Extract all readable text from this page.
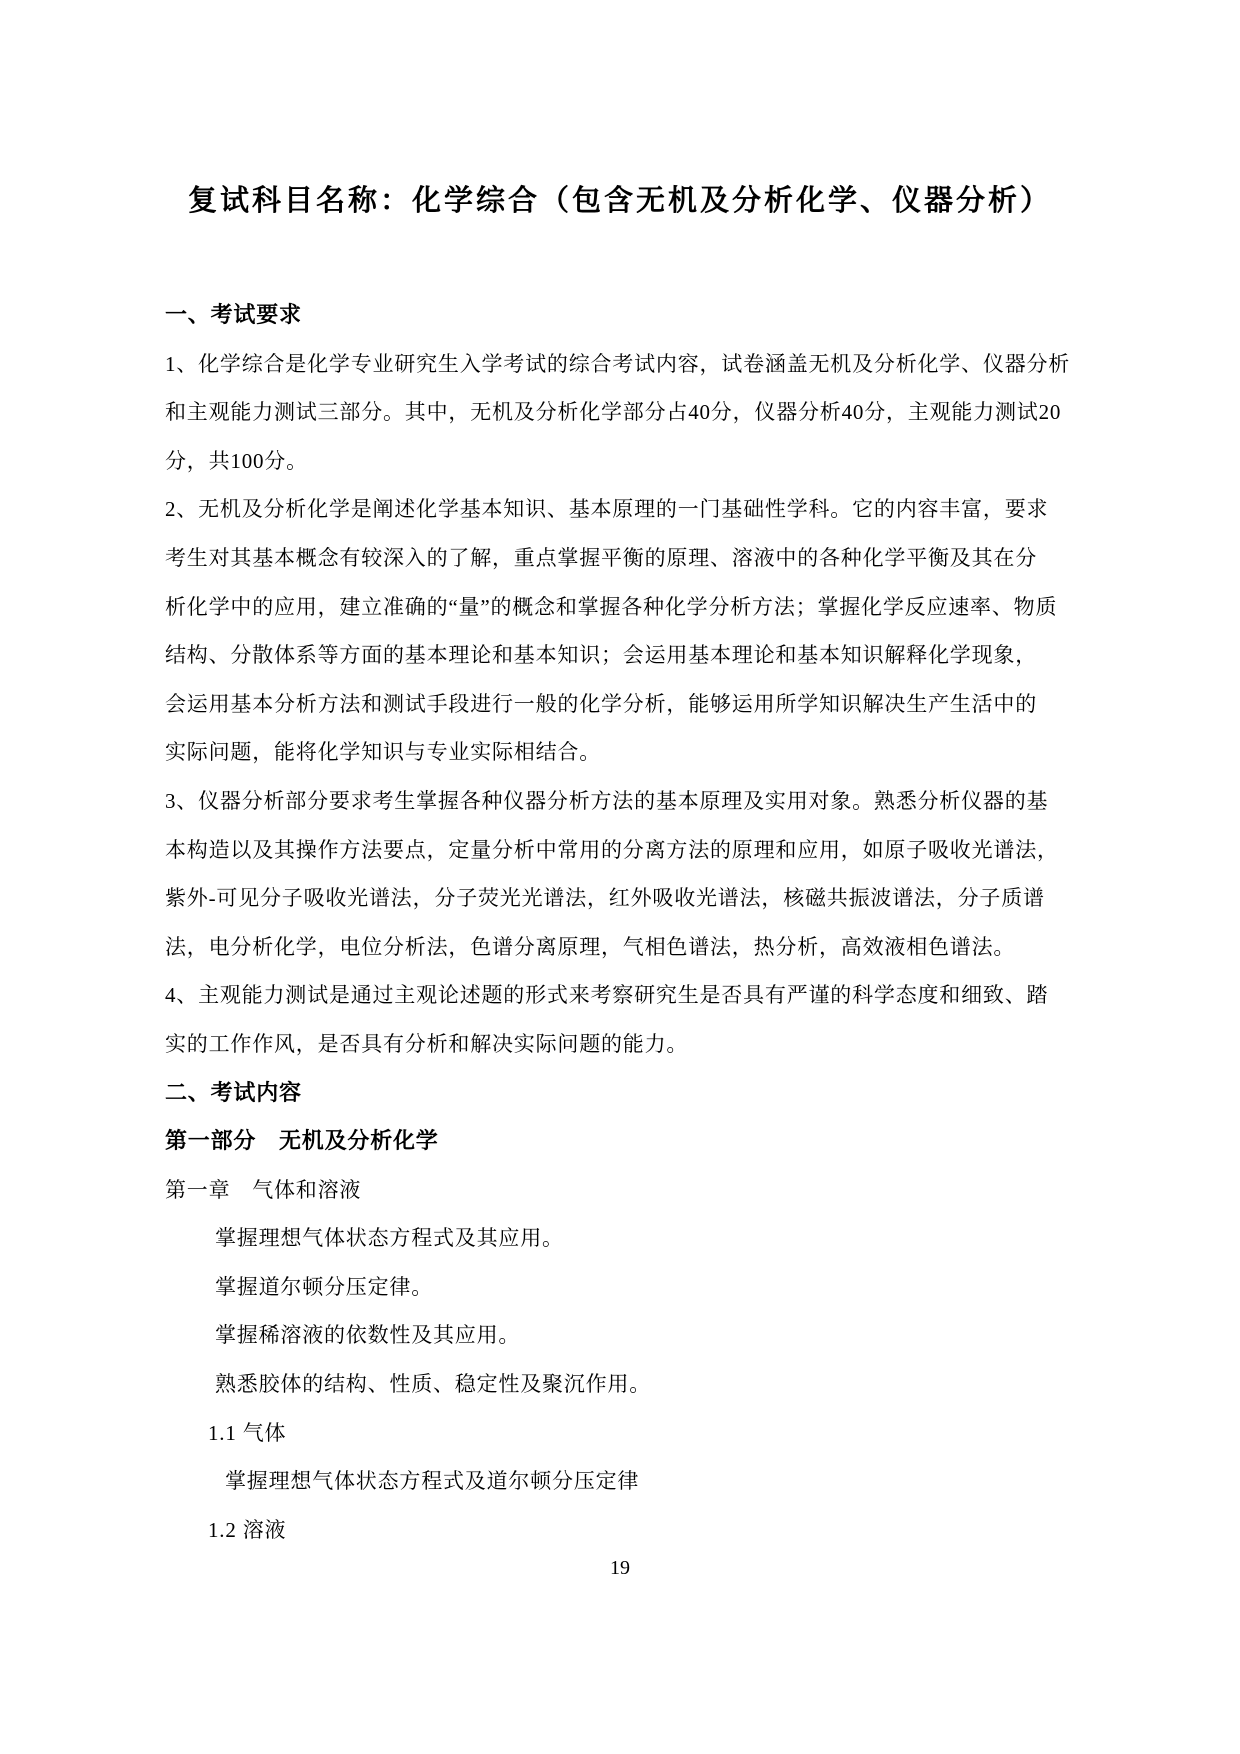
复试科目名称：化学综合（包含无机及分析化学、仪器分析）
一、考试要求
1、化学综合是化学专业研究生入学考试的综合考试内容，试卷涵盖无机及分析化学、仪器分析
和主观能力测试三部分。其中，无机及分析化学部分占40分，仪器分析40分，主观能力测试20
分，共100分。
2、无机及分析化学是阐述化学基本知识、基本原理的一门基础性学科。它的内容丰富，要求
考生对其基本概念有较深入的了解，重点掌握平衡的原理、溶液中的各种化学平衡及其在分
析化学中的应用，建立准确的“量”的概念和掌握各种化学分析方法；掌握化学反应速率、物质
结构、分散体系等方面的基本理论和基本知识；会运用基本理论和基本知识解释化学现象，
会运用基本分析方法和测试手段进行一般的化学分析，能够运用所学知识解决生产生活中的
实际问题，能将化学知识与专业实际相结合。
3、仪器分析部分要求考生掌握各种仪器分析方法的基本原理及实用对象。熟悉分析仪器的基
本构造以及其操作方法要点，定量分析中常用的分离方法的原理和应用，如原子吸收光谱法，
紫外-可见分子吸收光谱法，分子荧光光谱法，红外吸收光谱法，核磁共振波谱法，分子质谱
法，电分析化学，电位分析法，色谱分离原理，气相色谱法，热分析，高效液相色谱法。
4、主观能力测试是通过主观论述题的形式来考察研究生是否具有严谨的科学态度和细致、踏
实的工作作风，是否具有分析和解决实际问题的能力。
二、考试内容
第一部分　无机及分析化学
第一章　气体和溶液
掌握理想气体状态方程式及其应用。
掌握道尔顿分压定律。
掌握稀溶液的依数性及其应用。
熟悉胶体的结构、性质、稳定性及聚沉作用。
1.1 气体
掌握理想气体状态方程式及道尔顿分压定律
1.2 溶液
19
